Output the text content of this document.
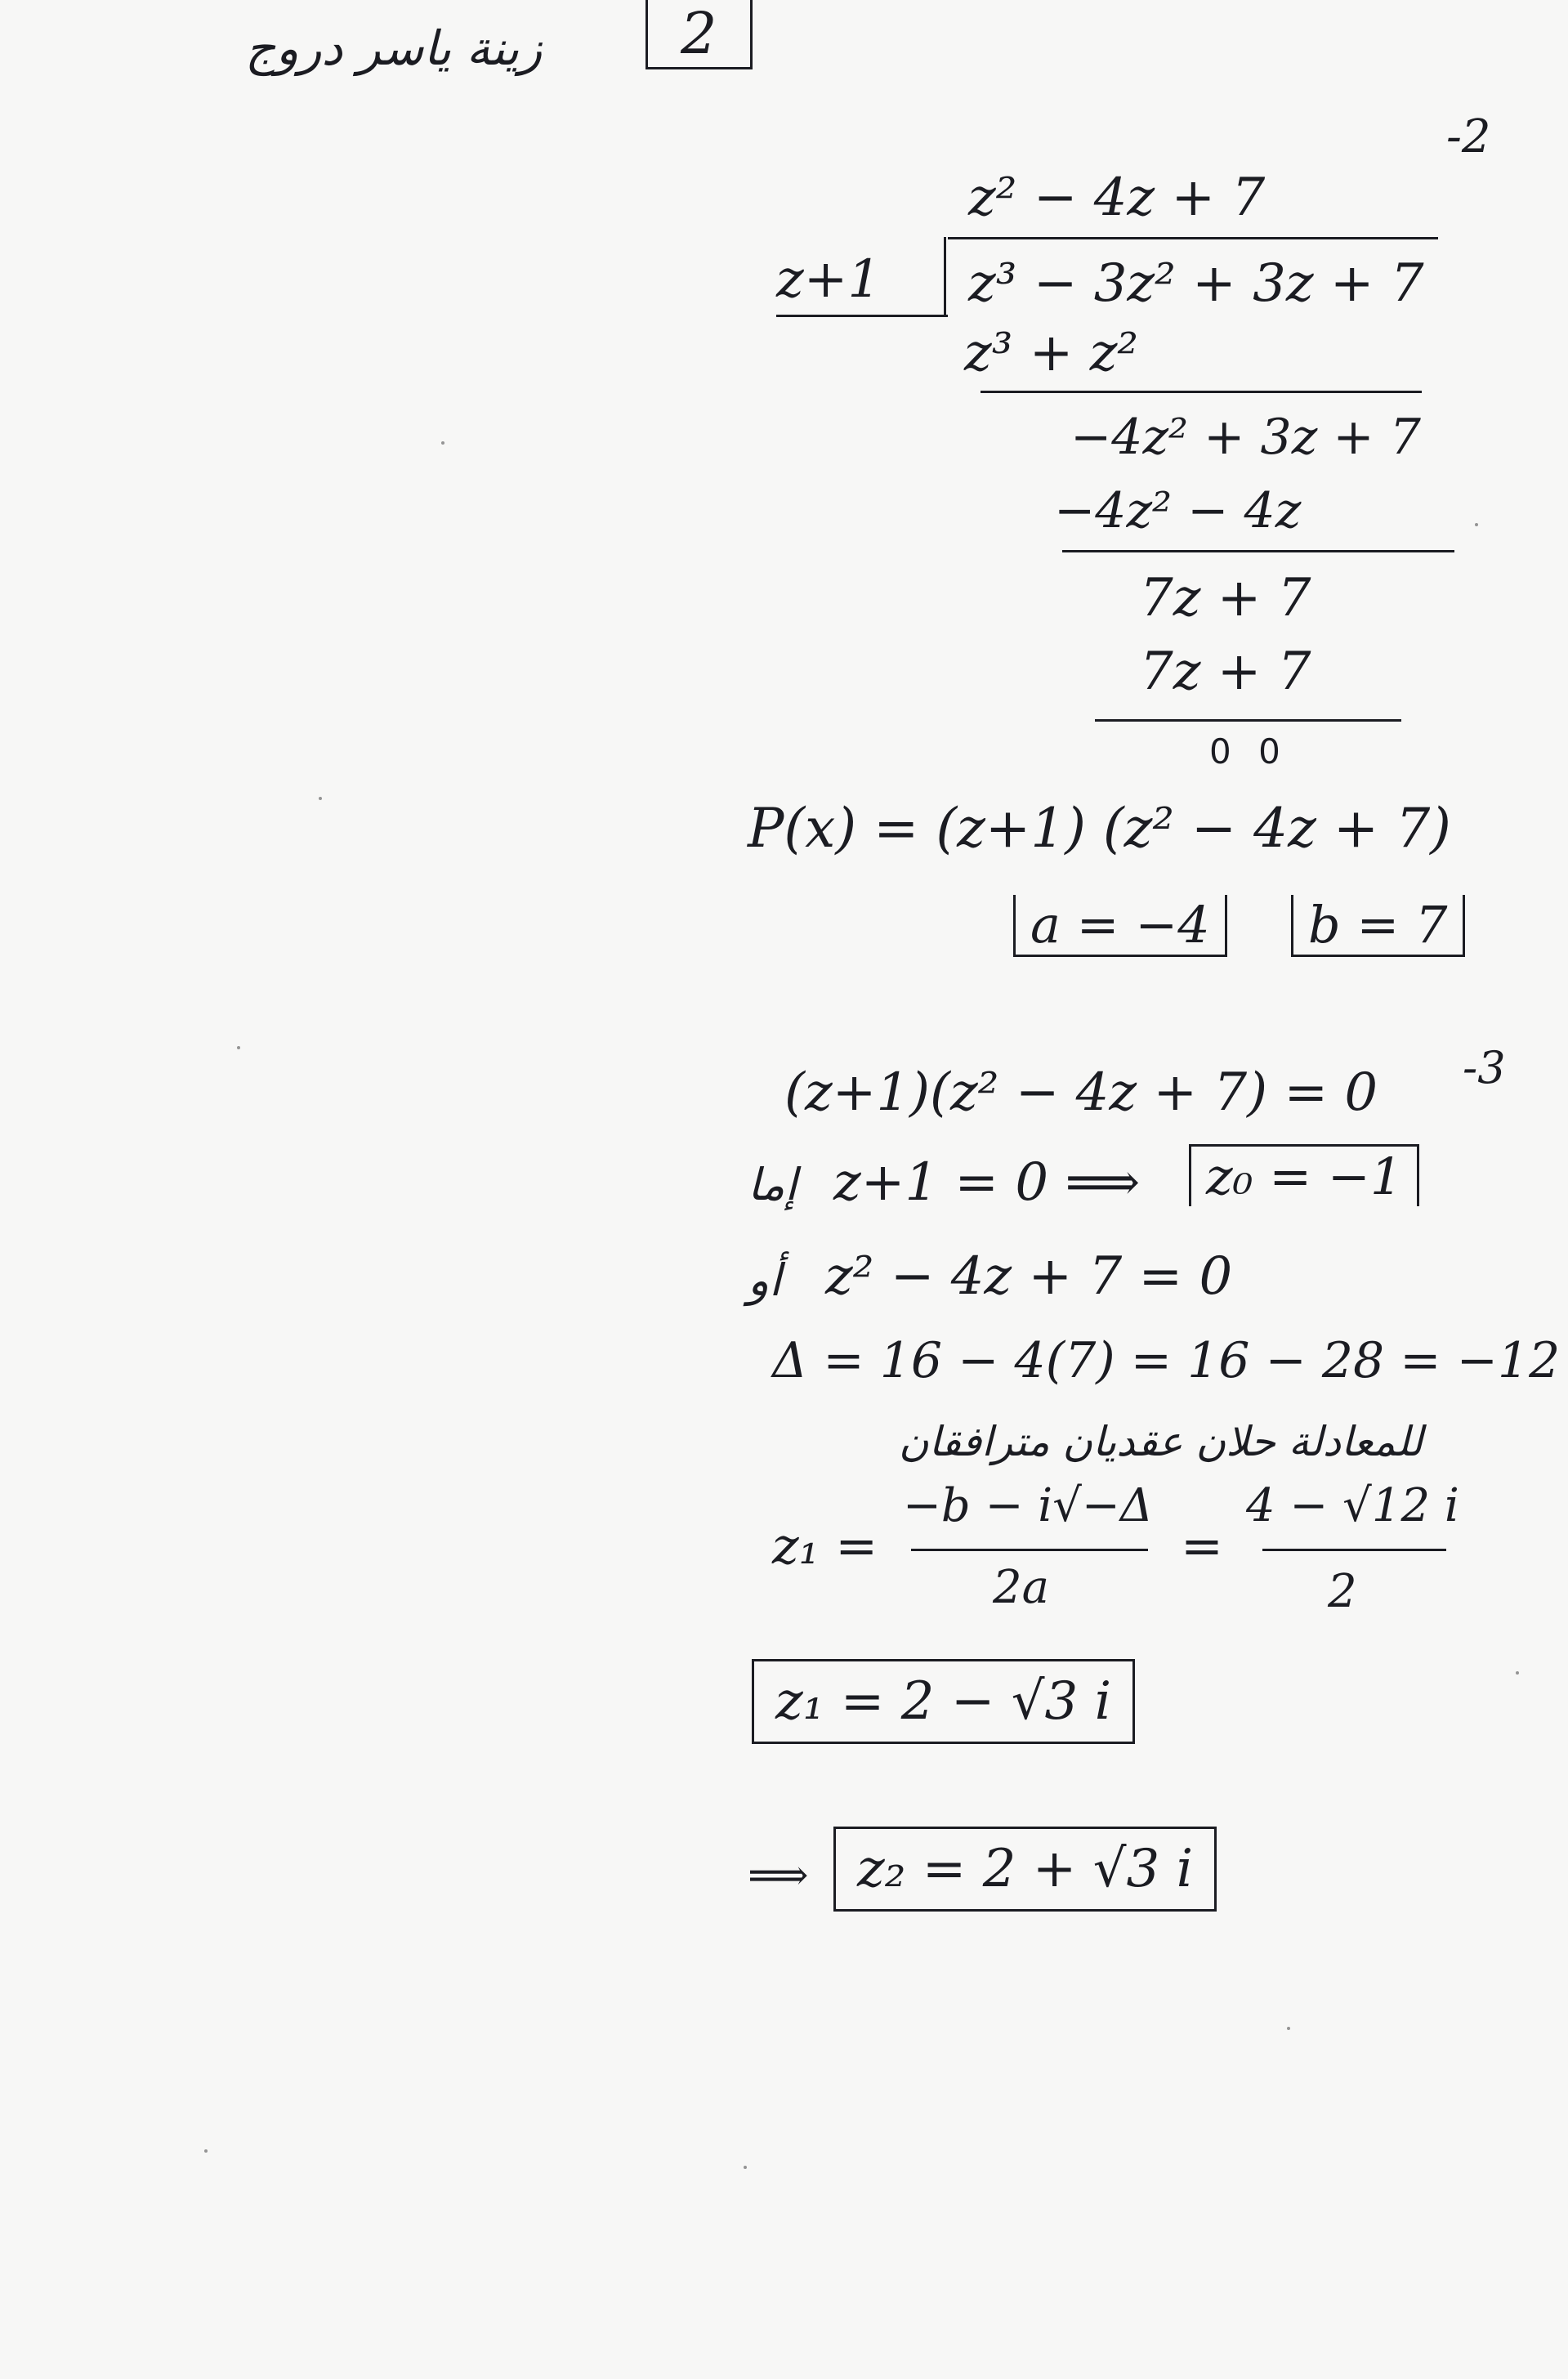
زينة ياسر دروج	2
-2
z² − 4z + 7
z+1 z³ − 3z² + 3z + 7
z³ + z²
−4z² + 3z + 7
−4z² − 4z
7z + 7
7z + 7
0 0
P(x) = (z+1) (z² − 4z + 7)
a = −4	b = 7
-3
(z+1)(z² − 4z + 7) = 0
إما z+1 = 0 ⟹	z₀ = −1
أو z² − 4z + 7 = 0
Δ = 16 − 4(7) = 16 − 28 = −12
للمعادلة حلان عقديان مترافقان
z₁ =
−b − i√−Δ
2a
=
4 − √12 i
2
z₁ = 2 − √3 i
⟹ z₂ = 2 + √3 i
